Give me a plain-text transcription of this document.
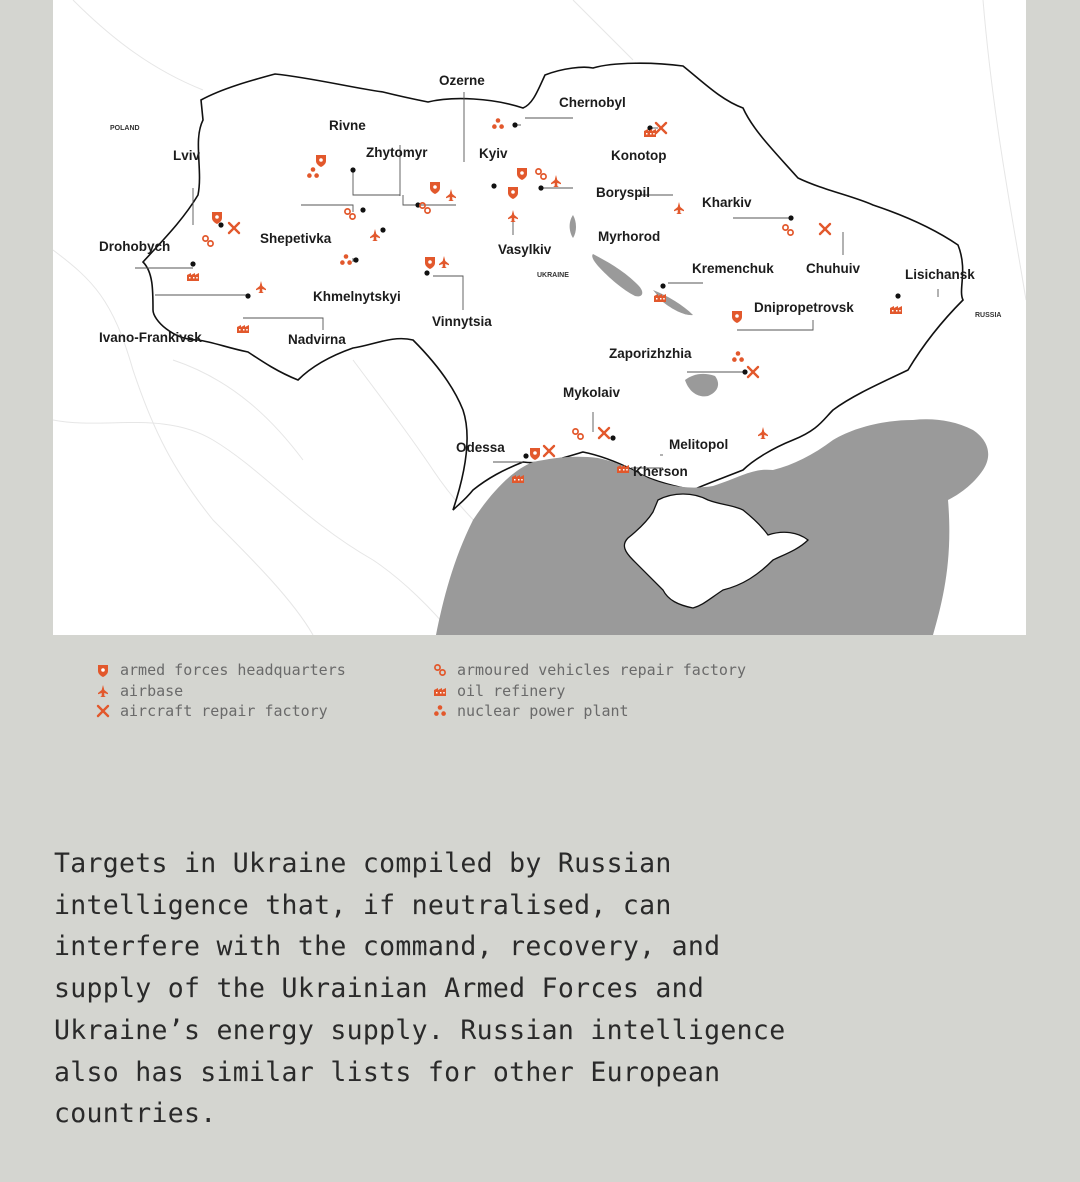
POLAND
UKRAINE
RUSSIA
Ozerne
Chernobyl
Rivne
Zhytomyr	Kyiv	Konotop
Lviv
Boryspil
Kharkiv
Shepetivka	Myrhorod
Drohobych	Vasylkiv
Kremenchuk Chuhuiv	Lisichansk
Khmelnytskyi
Dnipropetrovsk
Ivano-Frankivsk	Nadvirna
Vinnytsia
Zaporizhzhia
Mykolaiv
Odessa	Melitopol
Kherson
armed forces headquarters
airbase
aircraft repair factory
armoured vehicles repair factory
oil refinery
nuclear power plant

Targets in Ukraine compiled by Russian intelligence that, if neutralised, can interfere with the command, recovery, and supply of the Ukrainian Armed Forces and Ukraine’s energy supply. Russian intelligence also has similar lists for other European countries.
